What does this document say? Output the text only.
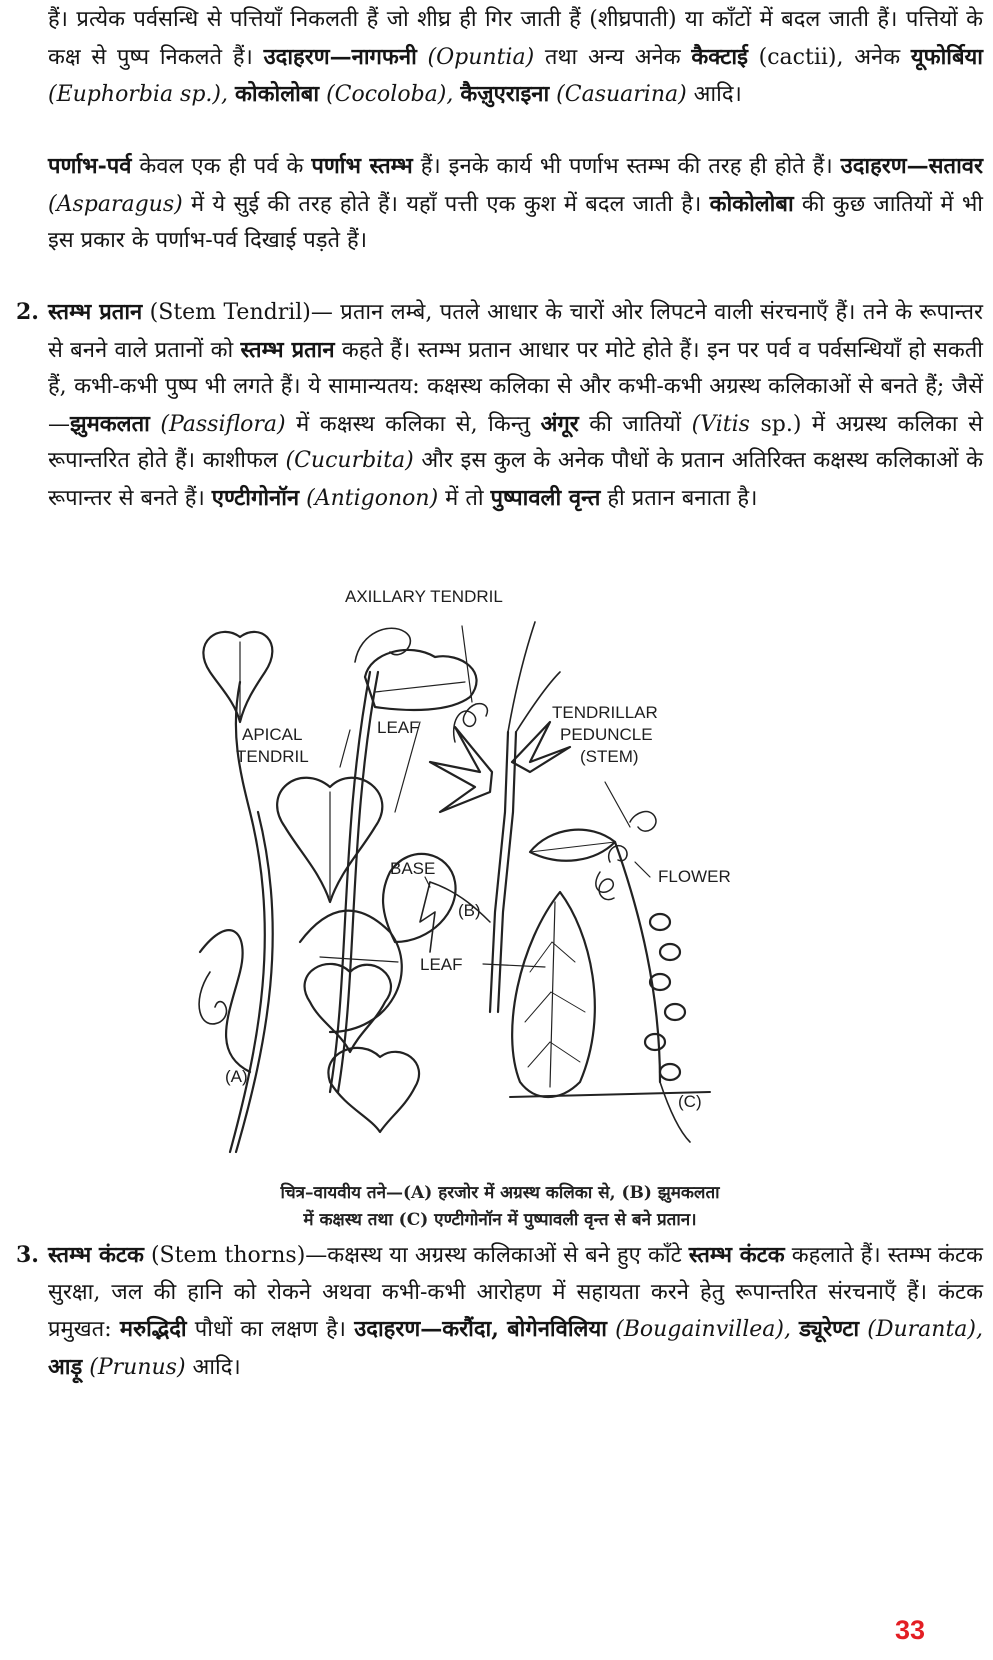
हैं। प्रत्येक पर्वसन्धि से पत्तियाँ निकलती हैं जो शीघ्र ही गिर जाती हैं (शीघ्रपाती) या काँटों में बदल जाती हैं। पत्तियों के कक्ष से पुष्प निकलते हैं। उदाहरण—नागफनी (Opuntia) तथा अन्य अनेक कैक्टाई (cactii), अनेक यूफोर्बिया (Euphorbia sp.), कोकोलोबा (Cocoloba), कैज़ुएराइना (Casuarina) आदि।

पर्णाभ-पर्व केवल एक ही पर्व के पर्णाभ स्तम्भ हैं। इनके कार्य भी पर्णाभ स्तम्भ की तरह ही होते हैं। उदाहरण—सतावर (Asparagus) में ये सुई की तरह होते हैं। यहाँ पत्ती एक कुश में बदल जाती है। कोकोलोबा की कुछ जातियों में भी इस प्रकार के पर्णाभ-पर्व दिखाई पड़ते हैं।

2. स्तम्भ प्रतान (Stem Tendril)— प्रतान लम्बे, पतले आधार के चारों ओर लिपटने वाली संरचनाएँ हैं। तने के रूपान्तर से बनने वाले प्रतानों को स्तम्भ प्रतान कहते हैं। स्तम्भ प्रतान आधार पर मोटे होते हैं। इन पर पर्व व पर्वसन्धियाँ हो सकती हैं, कभी-कभी पुष्प भी लगते हैं। ये सामान्यतय: कक्षस्थ कलिका से और कभी-कभी अग्रस्थ कलिकाओं से बनते हैं; जैसें—झुमकलता (Passiflora) में कक्षस्थ कलिका से, किन्तु अंगूर की जातियों (Vitis sp.) में अग्रस्थ कलिका से रूपान्तरित होते हैं। काशीफल (Cucurbita) और इस कुल के अनेक पौधों के प्रतान अतिरिक्त कक्षस्थ कलिकाओं के रूपान्तर से बनते हैं। एण्टीगोनॉन (Antigonon) में तो पुष्पावली वृन्त ही प्रतान बनाता है।

AXILLARY TENDRIL
APICAL
TENDRIL
LEAF
TENDRILLAR
PEDUNCLE
(STEM)
BASE	FLOWER
(B)
LEAF
(A)
(C)
चित्र–वायवीय तने—(A) हरजोर में अग्रस्थ कलिका से, (B) झुमकलता
में कक्षस्थ तथा (C) एण्टीगोनॉन में पुष्पावली वृन्त से बने प्रतान।

3. स्तम्भ कंटक (Stem thorns)—कक्षस्थ या अग्रस्थ कलिकाओं से बने हुए काँटे स्तम्भ कंटक कहलाते हैं। स्तम्भ कंटक सुरक्षा, जल की हानि को रोकने अथवा कभी-कभी आरोहण में सहायता करने हेतु रूपान्तरित संरचनाएँ हैं। कंटक प्रमुखत: मरुद्भिदी पौधों का लक्षण है। उदाहरण—करौंदा, बोगेनविलिया (Bougainvillea), ड्यूरेण्टा (Duranta), आड़ू (Prunus) आदि।

33
